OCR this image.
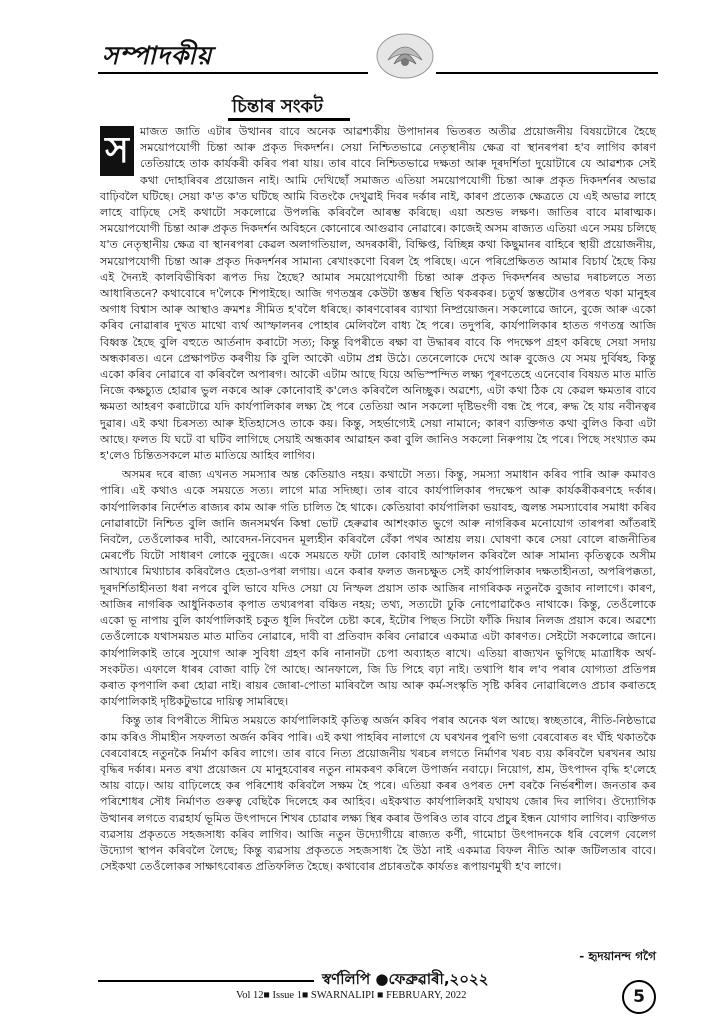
সম্পাদকীয়
চিন্তাৰ সংকট

স মাজত জাতি এটাৰ উত্থানৰ বাবে অনেক আৱশ্যকীয় উপাদানৰ ভিতৰত অতীৱ প্ৰয়োজনীয় বিষয়টোৰে হৈছে সময়োপযোগী চিন্তা আৰু প্ৰকৃত দিকদৰ্শন। সেয়া নিশ্চিতভাৱে নেতৃস্থানীয় ক্ষেত্ৰ বা স্থানৰপৰা হ'ব লাগিব কাৰণ তেতিয়াহে তাক কাৰ্যকৰী কৰিব পৰা যায়। তাৰ বাবে নিশ্চিতভাৱে দক্ষতা আৰু দূৰদৰ্শিতা দুয়োটাৰে যে আৱশ্যক সেই কথা দোহাৰিবৰ প্ৰয়োজন নাই। আমি দেখিছোঁ সমাজত এতিয়া সময়োপযোগী চিন্তা আৰু প্ৰকৃত দিকদৰ্শনৰ অভাৱ বাঢ়িবলৈ ঘটিছে। সেয়া ক'ত ক'ত ঘটিছে আমি বিতংকৈ দেখুৱাই দিবৰ দৰ্কাৰ নাই, কাৰণ প্ৰত্যেক ক্ষেত্ৰতে যে এই অভাৱ লাহে লাহে বাঢ়িছে সেই কথাটো সকলোৱে উপলব্ধি কৰিবলৈ আৰম্ভ কৰিছে। এয়া অশুভ লক্ষণ। জাতিৰ বাবে মাৰাত্মক। সময়োপযোগী চিন্তা আৰু প্ৰকৃত দিকদৰ্শন অবিহনে কোনোৰে আগুৱাব নোৱাৰে। কাজেই অসম ৰাজ্যত এতিয়া এনে সময় চলিছে য'ত নেতৃস্থানীয় ক্ষেত্ৰ বা স্থানৰপৰা কেৱল অলাগতিয়াল, অদৰকাৰী, বিক্ষিপ্ত, বিচ্ছিন্ন কথা কিছুমানৰ বাহিৰে স্থায়ী প্ৰয়োজনীয়, সময়োপযোগী চিন্তা আৰু প্ৰকৃত দিকদৰ্শনৰ সামান্য ৰেখাংকণো বিৰল হৈ পৰিছে। এনে পৰিপ্ৰেক্ষিতত আমাৰ বিচাৰ্য হৈছে কিয় এই দৈন্যই কালবিভীষিকা ৰূপত দিয় হৈছে? আমাৰ সময়োপযোগী চিন্তা আৰু প্ৰকৃত দিকদৰ্শনৰ অভাৱ দৰাচলতে সত্য আধাৰিতনে? কথাবোৰে দ'লৈকে শিপাইছে। আজি গণতন্ত্ৰৰ কেউটা স্তম্ভৰ স্থিতি থকৰকৰ। চতুৰ্থ স্তম্ভটোৰ ওপৰত থকা মানুহৰ অগাধ বিশ্বাস আৰু আস্থাও ক্ৰমশঃ সীমিত হ'বলৈ ধৰিছে। কাৰণবোৰৰ ব্যাখ্যা নিষ্প্ৰয়োজন। সকলোৱে জানে, বুজে আৰু একো কৰিব নোৱাৰাৰ দুখত মাথো ব্যৰ্থ আস্ফালনৰ পোহাৰ মেলিবলৈ বাধ্য হৈ পৰে। তদুপৰি, কাৰ্যপালিকাৰ হাতত গণতন্ত্ৰ আজি বিধ্বস্ত হৈছে বুলি বহুতে আৰ্তনাদ কৰাটো সত্য; কিন্তু বিপৰীতে ৰক্ষা বা উদ্ধাৰৰ বাবে কি পদক্ষেপ গ্ৰহণ কৰিছে সেয়া সদায় অন্ধকাৰত। এনে প্ৰেক্ষাপটত কৰণীয় কি বুলি আকৌ এটাম প্ৰশ্ন উঠে। তেনেলোকে দেখে আৰু বুজেও যে সময় দুৰ্বিষহ, কিন্তু একো কৰিব নোৱাৰে বা কৰিবলৈ অপাৰগ। আকৌ এটাম আছে যিয়ে অভিস্পন্দিত লক্ষ্য পূৰণতেহে এনেবোৰ বিষয়ত মাত মাতি নিজে কক্ষচ্যুত হোৱাৰ ভুল নকৰে আৰু কোনোবাই ক'লেও কৰিবলৈ অনিচ্ছুক। অৱশ্যে, এটা কথা ঠিক যে কেৱল ক্ষমতাৰ বাবে ক্ষমতা আহৰণ কৰাটোৱে যদি কাৰ্যপালিকাৰ লক্ষ্য হৈ পৰে তেতিয়া আন সকলো দৃষ্টিভংগী বন্ধ হৈ পৰে, ৰুদ্ধ হৈ যায় নবীনত্বৰ দুৱাৰ। এই কথা চিৰসত্য আৰু ইতিহাসেও তাকে কয়। কিন্তু, সহৰ্ভাগ্যেই সেয়া নামানে; কাৰণ ব্যক্তিগত কথা বুলিও কিবা এটা আছে। ফলত যি ঘটে বা ঘটিব লাগিছে সেয়াই অন্ধকাৰ আৱাহন কৰা বুলি জানিও সকলো নিৰুপায় হৈ পৰে। পিছে সংখ্যাত কম হ'লেও চিন্তিতসকলে মাত মাতিয়ে আহিব লাগিব।

অসমৰ দৰে ৰাজ্য এখনত সমস্যাৰ অন্ত কেতিয়াও নহয়। কথাটো সত্য। কিন্তু, সমস্যা সমাধান কৰিব পাৰি আৰু কমাবও পাৰি। এই কথাও একে সময়তে সত্য। লাগে মাত্ৰ সদিচ্ছা। তাৰ বাবে কাৰ্যপালিকাৰ পদক্ষেপ আৰু কাৰ্যকৰীকৰণহে দৰ্কাৰ। কাৰ্যপালিকাৰ নিৰ্দেশত ৰাজ্যৰ কাম আৰু গতি চালিত হৈ থাকে। কেতিয়াবা কাৰ্যপালিকা ভয়াবহ, জ্বলন্ত সমস্যাবোৰ সমাধা কৰিব নোৱাৰাটো নিশ্চিত বুলি জানি জনসমৰ্থন কিম্বা ভোট হেৰুৱাৰ আশংকাত ভুগে আৰু নাগৰিকৰ মনোযোগ তাৰপৰা আঁতৰাই নিবলৈ, তেওঁলোকৰ দাবী, আবেদন-নিবেদন মূল্যহীন কৰিবলৈ বেঁকা পথৰ আশ্ৰয় লয়। ঘোষণা কৰে সেয়া বোলে ৰাজনীতিৰ মেৰপেঁচ যিটো সাধাৰণ লোকে নুবুজে। একে সময়তে ফটা ঢোল কোবাই আস্ফালন কৰিবলৈ আৰু সামান্য কৃতিত্বকে অসীম আখ্যাৰে মিথ্যাচাৰ কৰিবলৈও হেতা-ওপৰা লগায়। এনে কৰাৰ ফলত জনচক্ষুত সেই কাৰ্যপালিকাৰ দক্ষতাহীনতা, অপৰিপক্কতা, দূৰদৰ্শিতাহীনতা ধৰা নপৰে বুলি ভাবে যদিও সেয়া যে নিস্ফল প্ৰয়াস তাক আজিৰ নাগৰিকক নতুনকৈ বুজাব নালাগে। কাৰণ, আজিৰ নাগৰিক আধুনিকতাৰ কৃপাত তথ্যৰপৰা বঞ্চিত নহয়; তথ্য, সত্যটো ঢুকি নোপোৱাকৈও নাথাকে। কিন্তু, তেওঁলোকে একো ভূ নাপায় বুলি কাৰ্যপালিকাই চকুত ধূলি দিবলৈ চেষ্টা কৰে, ইটোৰ পিছত সিটো ফাঁকি দিয়াৰ নিলজ প্ৰয়াস কৰে। অৱশ্যে তেওঁলোকে যথাসময়ত মাত মাতিব নোৱাৰে, দাবী বা প্ৰতিবাদ কৰিব নোৱাৰে একমাত্ৰ এটা কাৰণত। সেইটো সকলোৱে জানে। কাৰ্যপালিকাই তাৰে সুযোগ আৰু সুবিধা গ্ৰহণ কৰি নানানটা চেপা অব্যাহত ৰাখে। এতিয়া ৰাজ্যখন ভুগিছে মাত্ৰাধিক অৰ্থ-সংকটত। এফালে ধাৰৰ বোজা বাঢ়ি গৈ আছে। আনফালে, জি ডি পিহে বঢ়া নাই। তথাপি ধাৰ ল'ব পৰাৰ যোগ্যতা প্ৰতিপন্ন কৰাত কৃপণালি কৰা হোৱা নাই। ৰায়ৰ জোৰা-পোতা মাৰিবলৈ আয় আৰু কৰ্ম-সংস্কৃতি সৃষ্টি কৰিব নোৱাৰিলেও প্ৰচাৰ কৰাতহে কাৰ্যপালিকাই দৃষ্টিকটুভাৱে দায়িত্ব সামৰিছে।

কিন্তু তাৰ বিপৰীতে সীমিত সময়তে কাৰ্যপালিকাই কৃতিত্ব অৰ্জন কৰিব পৰাৰ অনেক থল আছে। স্বচ্ছতাৰে, নীতি-নিষ্ঠভাৱে কাম কৰিও সীমাহীন সফলতা অৰ্জন কৰিব পাৰি। এই কথা পাহৰিব নালাগে যে ঘৰখনৰ পুৰণি ভগা বেৰবোৰত ৰং ঘঁহি থকাতকৈ বেৰবোৰহে নতুনকৈ নিৰ্মাণ কৰিব লাগে। তাৰ বাবে নিত্য প্ৰয়োজনীয় খৰচৰ লগতে নিৰ্মাণৰ খৰচ ব্যয় কৰিবলৈ ঘৰখনৰ আয় বৃদ্ধিৰ দৰ্কাৰ। মনত ৰখা প্ৰয়োজন যে মানুহবোৰৰ নতুন নামকৰণ কৰিলে উপাৰ্জন নবাঢ়ে। নিয়োগ, শ্ৰম, উৎপাদন বৃদ্ধি হ'লেহে আয় বাঢ়ে। আয় বাঢ়িলেহে কৰ পৰিশোধ কৰিবলৈ সক্ষম হৈ পৰে। এতিয়া কৰৰ ওপৰত দেশ বৰকৈ নিৰ্ভৰশীল। জনতাৰ কৰ পৰিশোধৰ সৌধ নিৰ্মাণত গুৰুত্ব বেছিকৈ দিলেহে কৰ আহিব। এইকথাত কাৰ্যপালিকাই যথাযথ জোৰ দিব লাগিব। ঔদ্যোগিক উত্থানৰ লগতে ব্যৱহাৰ্য ভূমিত উৎপাদনে শিখৰ চোৱাৰ লক্ষ্য স্থিৰ কৰাৰ উপৰিও তাৰ বাবে প্ৰচুৰ ইন্ধন যোগাব লাগিব। ব্যক্তিগত ব্যৱসায় প্ৰকৃততে সহজসাধ্য কৰিব লাগিব। আজি নতুন উদ্যোগীয়ে ৰাজ্যত কৰ্ণী, গামোচা উৎপাদনকে ধৰি বেলেগ বেলেগ উদ্যোগ স্থাপন কৰিবলৈ লৈছে; কিন্তু ব্যৱসায় প্ৰকৃততে সহজসাধ্য হৈ উঠা নাই একমাত্ৰ বিফল নীতি আৰু জটিলতাৰ বাবে। সেইকথা তেওঁলোকৰ সাক্ষাৎবোৰত প্ৰতিফলিত হৈছে। কথাবোৰ প্ৰচাৰতকৈ কাৰ্যতঃ ৰূপায়ণমুখী হ'ব লাগে।

- হৃদয়ানন্দ গগৈ
স্বৰ্ণলিপি ●ফেব্ৰুৱাৰী,২০২২
Vol 12■ Issue 1■ SWARNALIPI ■ FEBRUARY, 2022	5
